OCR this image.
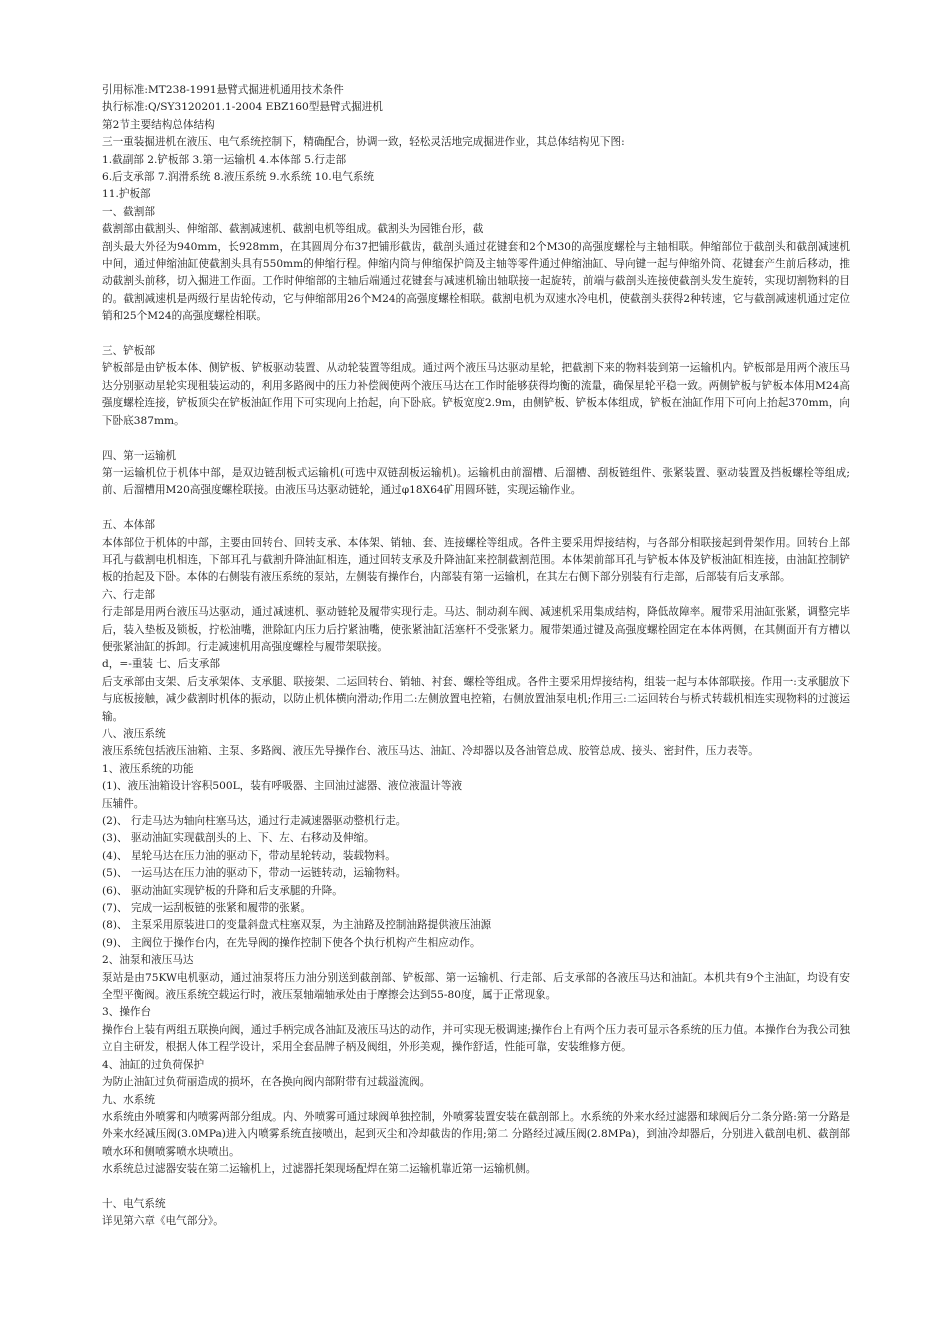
引用标准:MT238-1991悬臂式掘进机通用技术条件
执行标准:Q/SY3120201.1-2004 EBZ160型悬臂式掘进机
第2节主要结构总体结构
三一重装掘进机在液压、电气系统控制下，精确配合，协调一致，轻松灵活地完成掘进作业，其总体结构见下图:
1.截副部 2.铲板部 3.第一运输机 4.本体部 5.行走部
6.后支承部 7.润滑系统 8.液压系统 9.水系统 10.电气系统
11.护板部
一、截割部
截割部由截割头、伸缩部、截割减速机、截割电机等组成。截割头为园锥台形，截
剖头最大外径为940mm，长928mm，在其圆周分布37把铺形截齿，截剖头通过花键套和2个M30的高强度螺栓与主轴相联。伸缩部位于截剖头和截剖减速机中间，通过伸缩油缸使截割头具有550mm的伸缩行程。伸缩内筒与伸缩保护筒及主轴等零件通过伸缩油缸、导向键一起与伸缩外筒、花键套产生前后移动，推动截割头前移，切入掘进工作面。工作时伸缩部的主轴后端通过花键套与减速机输出轴联接一起旋转，前端与截剖头连接使截剖头发生旋转，实现切割物料的目的。截割减速机是两级行星齿轮传动，它与伸缩部用26个M24的高强度螺栓相联。截割电机为双速水冷电机，使截剖头获得2种转速，它与截剖减速机通过定位销和25个M24的高强度螺栓相联。
三、铲板部
铲板部是由铲板本体、侧铲板、铲板驱动装置、从动轮装置等组成。通过两个液压马达驱动星轮，把截割下来的物料装到第一运输机内。铲板部是用两个液压马达分别驱动星轮实现租装运动的，利用多路阀中的压力补偿阀使两个液压马达在工作时能够获得均衡的流量，确保星轮平稳一致。两侧铲板与铲板本体用M24高强度螺栓连接，铲板顶尖在铲板油缸作用下可实现向上抬起，向下卧底。铲板宽度2.9m，由侧铲板、铲板本体组成，铲板在油缸作用下可向上抬起370mm，向下卧底387mm。
四、第一运输机
第一运输机位于机体中部，是双边链刮板式运输机(可选中双链刮板运输机)。运输机由前溜槽、后溜槽、刮板链组件、张紧装置、驱动装置及挡板螺栓等组成;前、后溜槽用M20高强度螺栓联接。由液压马达驱动链轮，通过φ18X64矿用圆环链，实现运输作业。
五、本体部
本体部位于机体的中部，主要由回转台、回转支承、本体架、销轴、套、连接螺栓等组成。各件主要采用焊接结构，与各部分相联接起到骨架作用。回转台上部耳孔与截割电机相连，下部耳孔与截割升降油缸相连，通过回转支承及升降油缸来控制截割范围。本体架前部耳孔与铲板本体及铲板油缸相连接，由油缸控制铲板的抬起及下卧。本体的右侧装有液压系统的泵站，左侧装有操作台，内部装有第一运输机，在其左右侧下部分别装有行走部，后部装有后支承部。
六、行走部
行走部是用两台液压马达驱动，通过减速机、驱动链轮及履带实现行走。马达、制动刹车阀、减速机采用集成结构，降低故障率。履带采用油缸张紧，调整完毕后，装入垫板及锁板，拧松油嘴，泄除缸内压力后拧紧油嘴，使张紧油缸活塞杆不受张紧力。履带架通过键及高强度螺栓固定在本体两侧，在其侧面开有方槽以便张紧油缸的拆卸。行走减速机用高强度螺栓与履带架联接。
d，=-重装 七、后支承部
后支承部由支架、后支承架体、支承腿、联接架、二运回转台、销轴、衬套、螺栓等组成。各件主要采用焊接结构，组装一起与本体部联接。作用一:支承腿放下与底板接触，减少截割时机体的振动，以防止机体横向滑动;作用二:左侧放置电控箱，右侧放置油泵电机;作用三:二运回转台与桥式转载机相连实现物料的过渡运输。
八、液压系统
液压系统包括液压油箱、主泵、多路阀、液压先导操作台、液压马达、油缸、冷却器以及各油管总成、胶管总成、接头、密封件，压力表等。
1、液压系统的功能
(1)、液压油箱设计容积500L，装有呼吸器、主回油过滤器、液位液温计等液
压辅件。
(2)、 行走马达为轴向柱塞马达，通过行走减速器驱动整机行走。
(3)、 驱动油缸实现截剖头的上、下、左、右移动及伸缩。
(4)、 星轮马达在压力油的驱动下，带动星轮转动，装载物料。
(5)、 一运马达在压力油的驱动下，带动一运链转动，运输物料。
(6)、 驱动油缸实现铲板的升降和后支承腿的升降。
(7)、 完成一运刮板链的张紧和履带的张紧。
(8)、 主泵采用原装进口的变量斜盘式柱塞双泵，为主油路及控制油路提供液压油源
(9)、 主阀位于操作台内，在先导阀的操作控制下使各个执行机构产生相应动作。
2、油泵和液压马达
泵站是由75KW电机驱动，通过油泵将压力油分别送到截剖部、铲板部、第一运输机、行走部、后支承部的各液压马达和油缸。本机共有9个主油缸，均设有安全型平衡阀。液压系统空载运行时，液压泵轴端轴承处由于摩擦会达到55-80度，属于正常现象。
3、操作台
操作台上装有两组五联换向阀，通过手柄完成各油缸及液压马达的动作，并可实现无极调速;操作台上有两个压力表可显示各系统的压力值。本操作台为我公司独立自主研发，根据人体工程学设计，采用全套品牌子柄及阀组，外形美观，操作舒适，性能可靠，安装维修方便。
4、油缸的过负荷保护
为防止油缸过负荷丽造成的损坏，在各换向阀内部附带有过载溢流阀。
九、水系统
水系统由外喷雾和内喷雾两部分组成。内、外喷雾可通过球阀单独控制，外喷雾装置安装在截剖部上。水系统的外来水经过滤器和球阀后分二条分路:第一分路是外来水经减压阀(3.0MPa)进入内喷雾系统直接喷出，起到灭尘和冷却截齿的作用;第二 分路经过减压阀(2.8MPa)，到油冷却器后，分别进入截剖电机、截剖部喷水环和侧喷雾喷水块喷出。
水系统总过滤器安装在第二运输机上，过滤器托架现场配焊在第二运输机靠近第一运输机侧。
十、电气系统
详见第六章《电气部分》。
